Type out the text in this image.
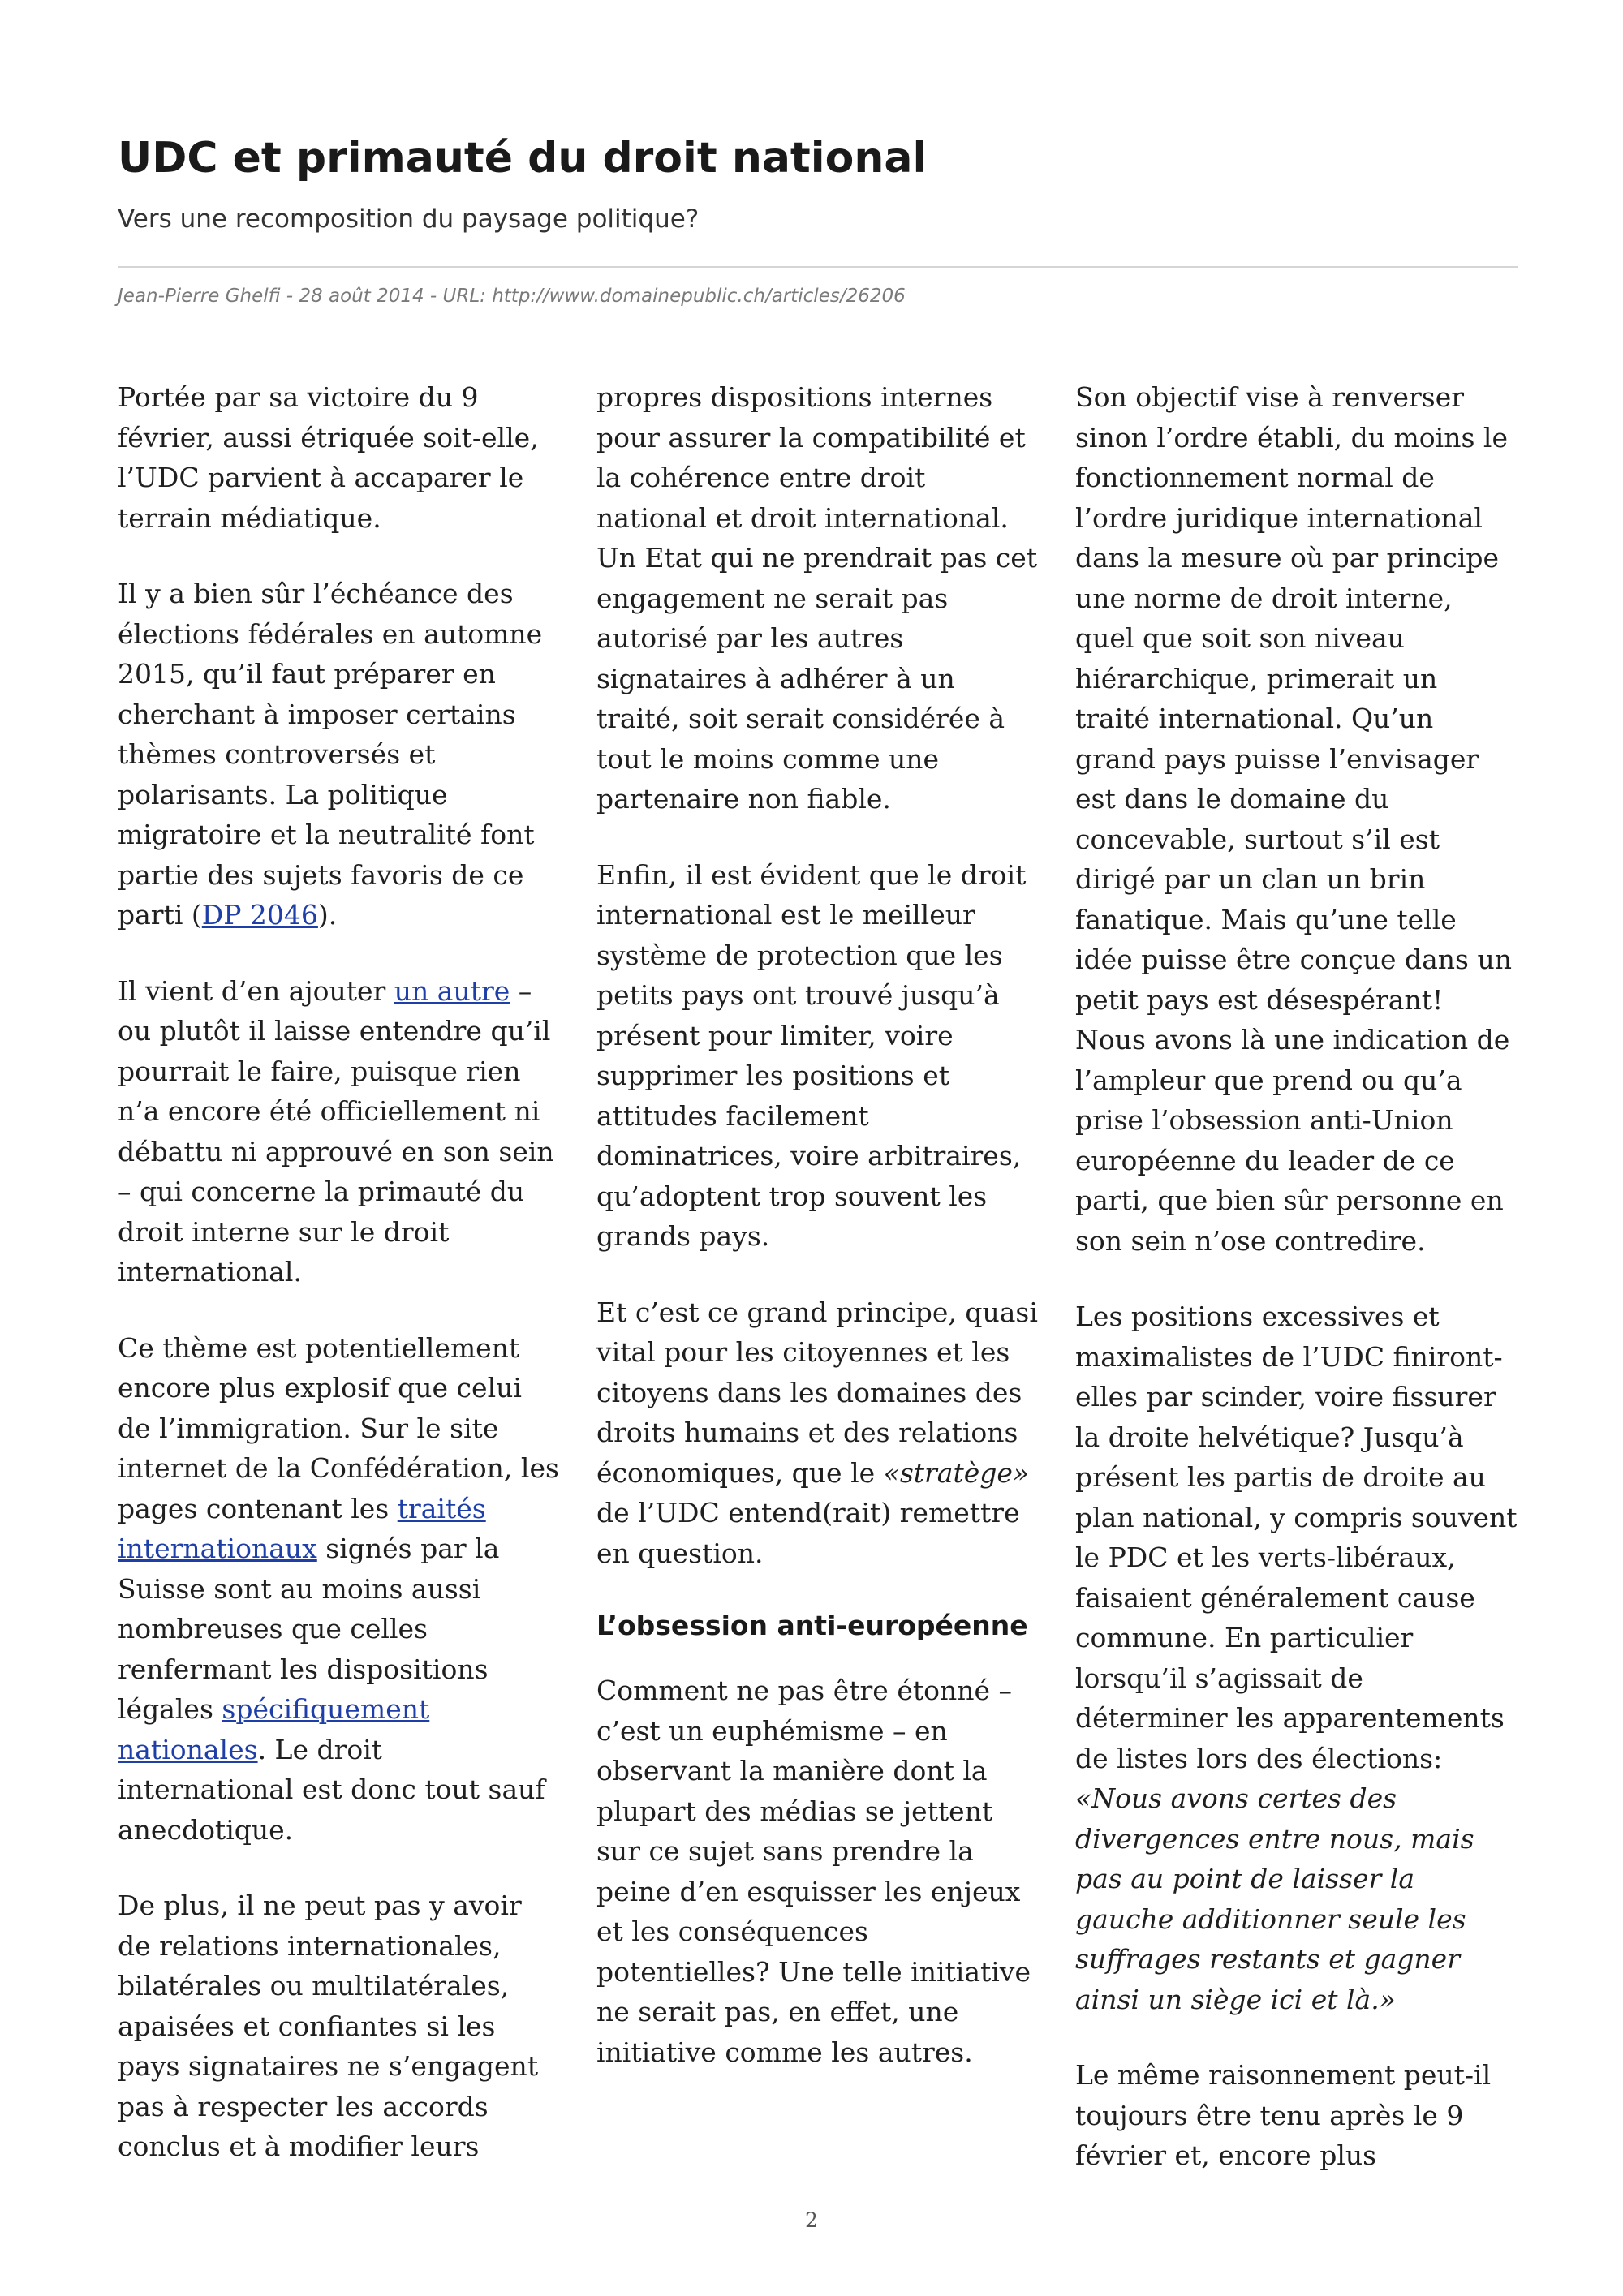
UDC et primauté du droit national
Vers une recomposition du paysage politique?
Jean-Pierre Ghelfi - 28 août 2014 - URL: http://www.domainepublic.ch/articles/26206

Portée par sa victoire du 9 février, aussi étriquée soit-elle, l’UDC parvient à accaparer le terrain médiatique.

Il y a bien sûr l’échéance des élections fédérales en automne 2015, qu’il faut préparer en cherchant à imposer certains thèmes controversés et polarisants. La politique migratoire et la neutralité font partie des sujets favoris de ce parti (DP 2046).

Il vient d’en ajouter un autre – ou plutôt il laisse entendre qu’il pourrait le faire, puisque rien n’a encore été officiellement ni débattu ni approuvé en son sein – qui concerne la primauté du droit interne sur le droit international.

Ce thème est potentiellement encore plus explosif que celui de l’immigration. Sur le site internet de la Confédération, les pages contenant les traités internationaux signés par la Suisse sont au moins aussi nombreuses que celles renfermant les dispositions légales spécifiquement nationales. Le droit international est donc tout sauf anecdotique.

De plus, il ne peut pas y avoir de relations internationales, bilatérales ou multilatérales, apaisées et confiantes si les pays signataires ne s’engagent pas à respecter les accords conclus et à modifier leurs

propres dispositions internes pour assurer la compatibilité et la cohérence entre droit national et droit international. Un Etat qui ne prendrait pas cet engagement ne serait pas autorisé par les autres signataires à adhérer à un traité, soit serait considérée à tout le moins comme une partenaire non fiable.

Enfin, il est évident que le droit international est le meilleur système de protection que les petits pays ont trouvé jusqu’à présent pour limiter, voire supprimer les positions et attitudes facilement dominatrices, voire arbitraires, qu’adoptent trop souvent les grands pays.

Et c’est ce grand principe, quasi vital pour les citoyennes et les citoyens dans les domaines des droits humains et des relations économiques, que le «stratège» de l’UDC entend(rait) remettre en question.

L’obsession anti-européenne

Comment ne pas être étonné – c’est un euphémisme – en observant la manière dont la plupart des médias se jettent sur ce sujet sans prendre la peine d’en esquisser les enjeux et les conséquences potentielles? Une telle initiative ne serait pas, en effet, une initiative comme les autres.

Son objectif vise à renverser sinon l’ordre établi, du moins le fonctionnement normal de l’ordre juridique international dans la mesure où par principe une norme de droit interne, quel que soit son niveau hiérarchique, primerait un traité international. Qu’un grand pays puisse l’envisager est dans le domaine du concevable, surtout s’il est dirigé par un clan un brin fanatique. Mais qu’une telle idée puisse être conçue dans un petit pays est désespérant! Nous avons là une indication de l’ampleur que prend ou qu’a prise l’obsession anti-Union européenne du leader de ce parti, que bien sûr personne en son sein n’ose contredire.

Les positions excessives et maximalistes de l’UDC finiront-elles par scinder, voire fissurer la droite helvétique? Jusqu’à présent les partis de droite au plan national, y compris souvent le PDC et les verts-libéraux, faisaient généralement cause commune. En particulier lorsqu’il s’agissait de déterminer les apparentements de listes lors des élections: «Nous avons certes des divergences entre nous, mais pas au point de laisser la gauche additionner seule les suffrages restants et gagner ainsi un siège ici et là.»

Le même raisonnement peut-il toujours être tenu après le 9 février et, encore plus

2
